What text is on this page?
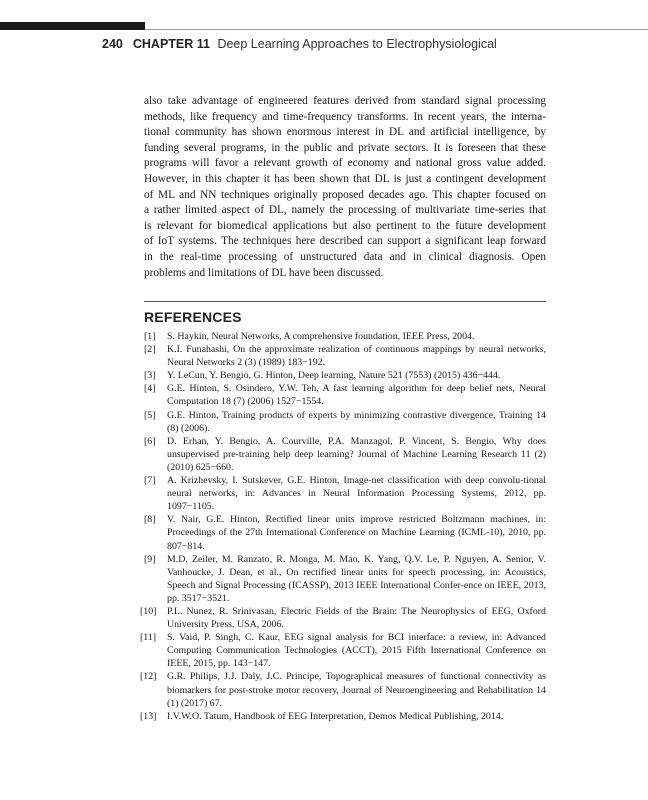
240 CHAPTER 11 Deep Learning Approaches to Electrophysiological
also take advantage of engineered features derived from standard signal processing
methods, like frequency and time-frequency transforms. In recent years, the interna-
tional community has shown enormous interest in DL and artificial intelligence, by
funding several programs, in the public and private sectors. It is foreseen that these
programs will favor a relevant growth of economy and national gross value added.
However, in this chapter it has been shown that DL is just a contingent development
of ML and NN techniques originally proposed decades ago. This chapter focused on
a rather limited aspect of DL, namely the processing of multivariate time-series that
is relevant for biomedical applications but also pertinent to the future development
of IoT systems. The techniques here described can support a significant leap forward
in the real-time processing of unstructured data and in clinical diagnosis. Open
problems and limitations of DL have been discussed.
REFERENCES
[1] S. Haykin, Neural Networks, A comprehensive foundation, IEEE Press, 2004.
[2] K.I. Funahashi, On the approximate realization of continuous mappings by neural networks, Neural Networks 2 (3) (1989) 183−192.
[3] Y. LeCun, Y. Bengio, G. Hinton, Deep learning, Nature 521 (7553) (2015) 436−444.
[4] G.E. Hinton, S. Osindero, Y.W. Teh, A fast learning algorithm for deep belief nets, Neural Computation 18 (7) (2006) 1527−1554.
[5] G.E. Hinton, Training products of experts by minimizing contrastive divergence, Training 14 (8) (2006).
[6] D. Erhan, Y. Bengio, A. Courville, P.A. Manzagol, P. Vincent, S. Bengio, Why does unsupervised pre-training help deep learning? Journal of Machine Learning Research 11 (2) (2010) 625−660.
[7] A. Krizhevsky, I. Sutskever, G.E. Hinton, Image-net classification with deep convolu-tional neural networks, in: Advances in Neural Information Processing Systems, 2012, pp. 1097−1105.
[8] V. Nair, G.E. Hinton, Rectified linear units improve restricted Boltzmann machines, in: Proceedings of the 27th International Conference on Machine Learning (ICML-10), 2010, pp. 807−814.
[9] M.D. Zeiler, M. Ranzato, R. Monga, M. Mao, K. Yang, Q.V. Le, P. Nguyen, A. Senior, V. Vanhoucke, J. Dean, et al., On rectified linear units for speech processing, in: Acoustics, Speech and Signal Processing (ICASSP), 2013 IEEE International Confer-ence on IEEE, 2013, pp. 3517−3521.
[10] P.L. Nunez, R. Srinivasan, Electric Fields of the Brain: The Neurophysics of EEG, Oxford University Press, USA, 2006.
[11] S. Vaid, P. Singh, C. Kaur, EEG signal analysis for BCI interface: a review, in: Advanced Computing Communication Technologies (ACCT), 2015 Fifth International Conference on IEEE, 2015, pp. 143−147.
[12] G.R. Philips, J.J. Daly, J.C. Principe, Topographical measures of functional connectivity as biomarkers for post-stroke motor recovery, Journal of Neuroengineering and Rehabilitation 14 (1) (2017) 67.
[13] I.V.W.O. Tatum, Handbook of EEG Interpretation, Demos Medical Publishing, 2014.
